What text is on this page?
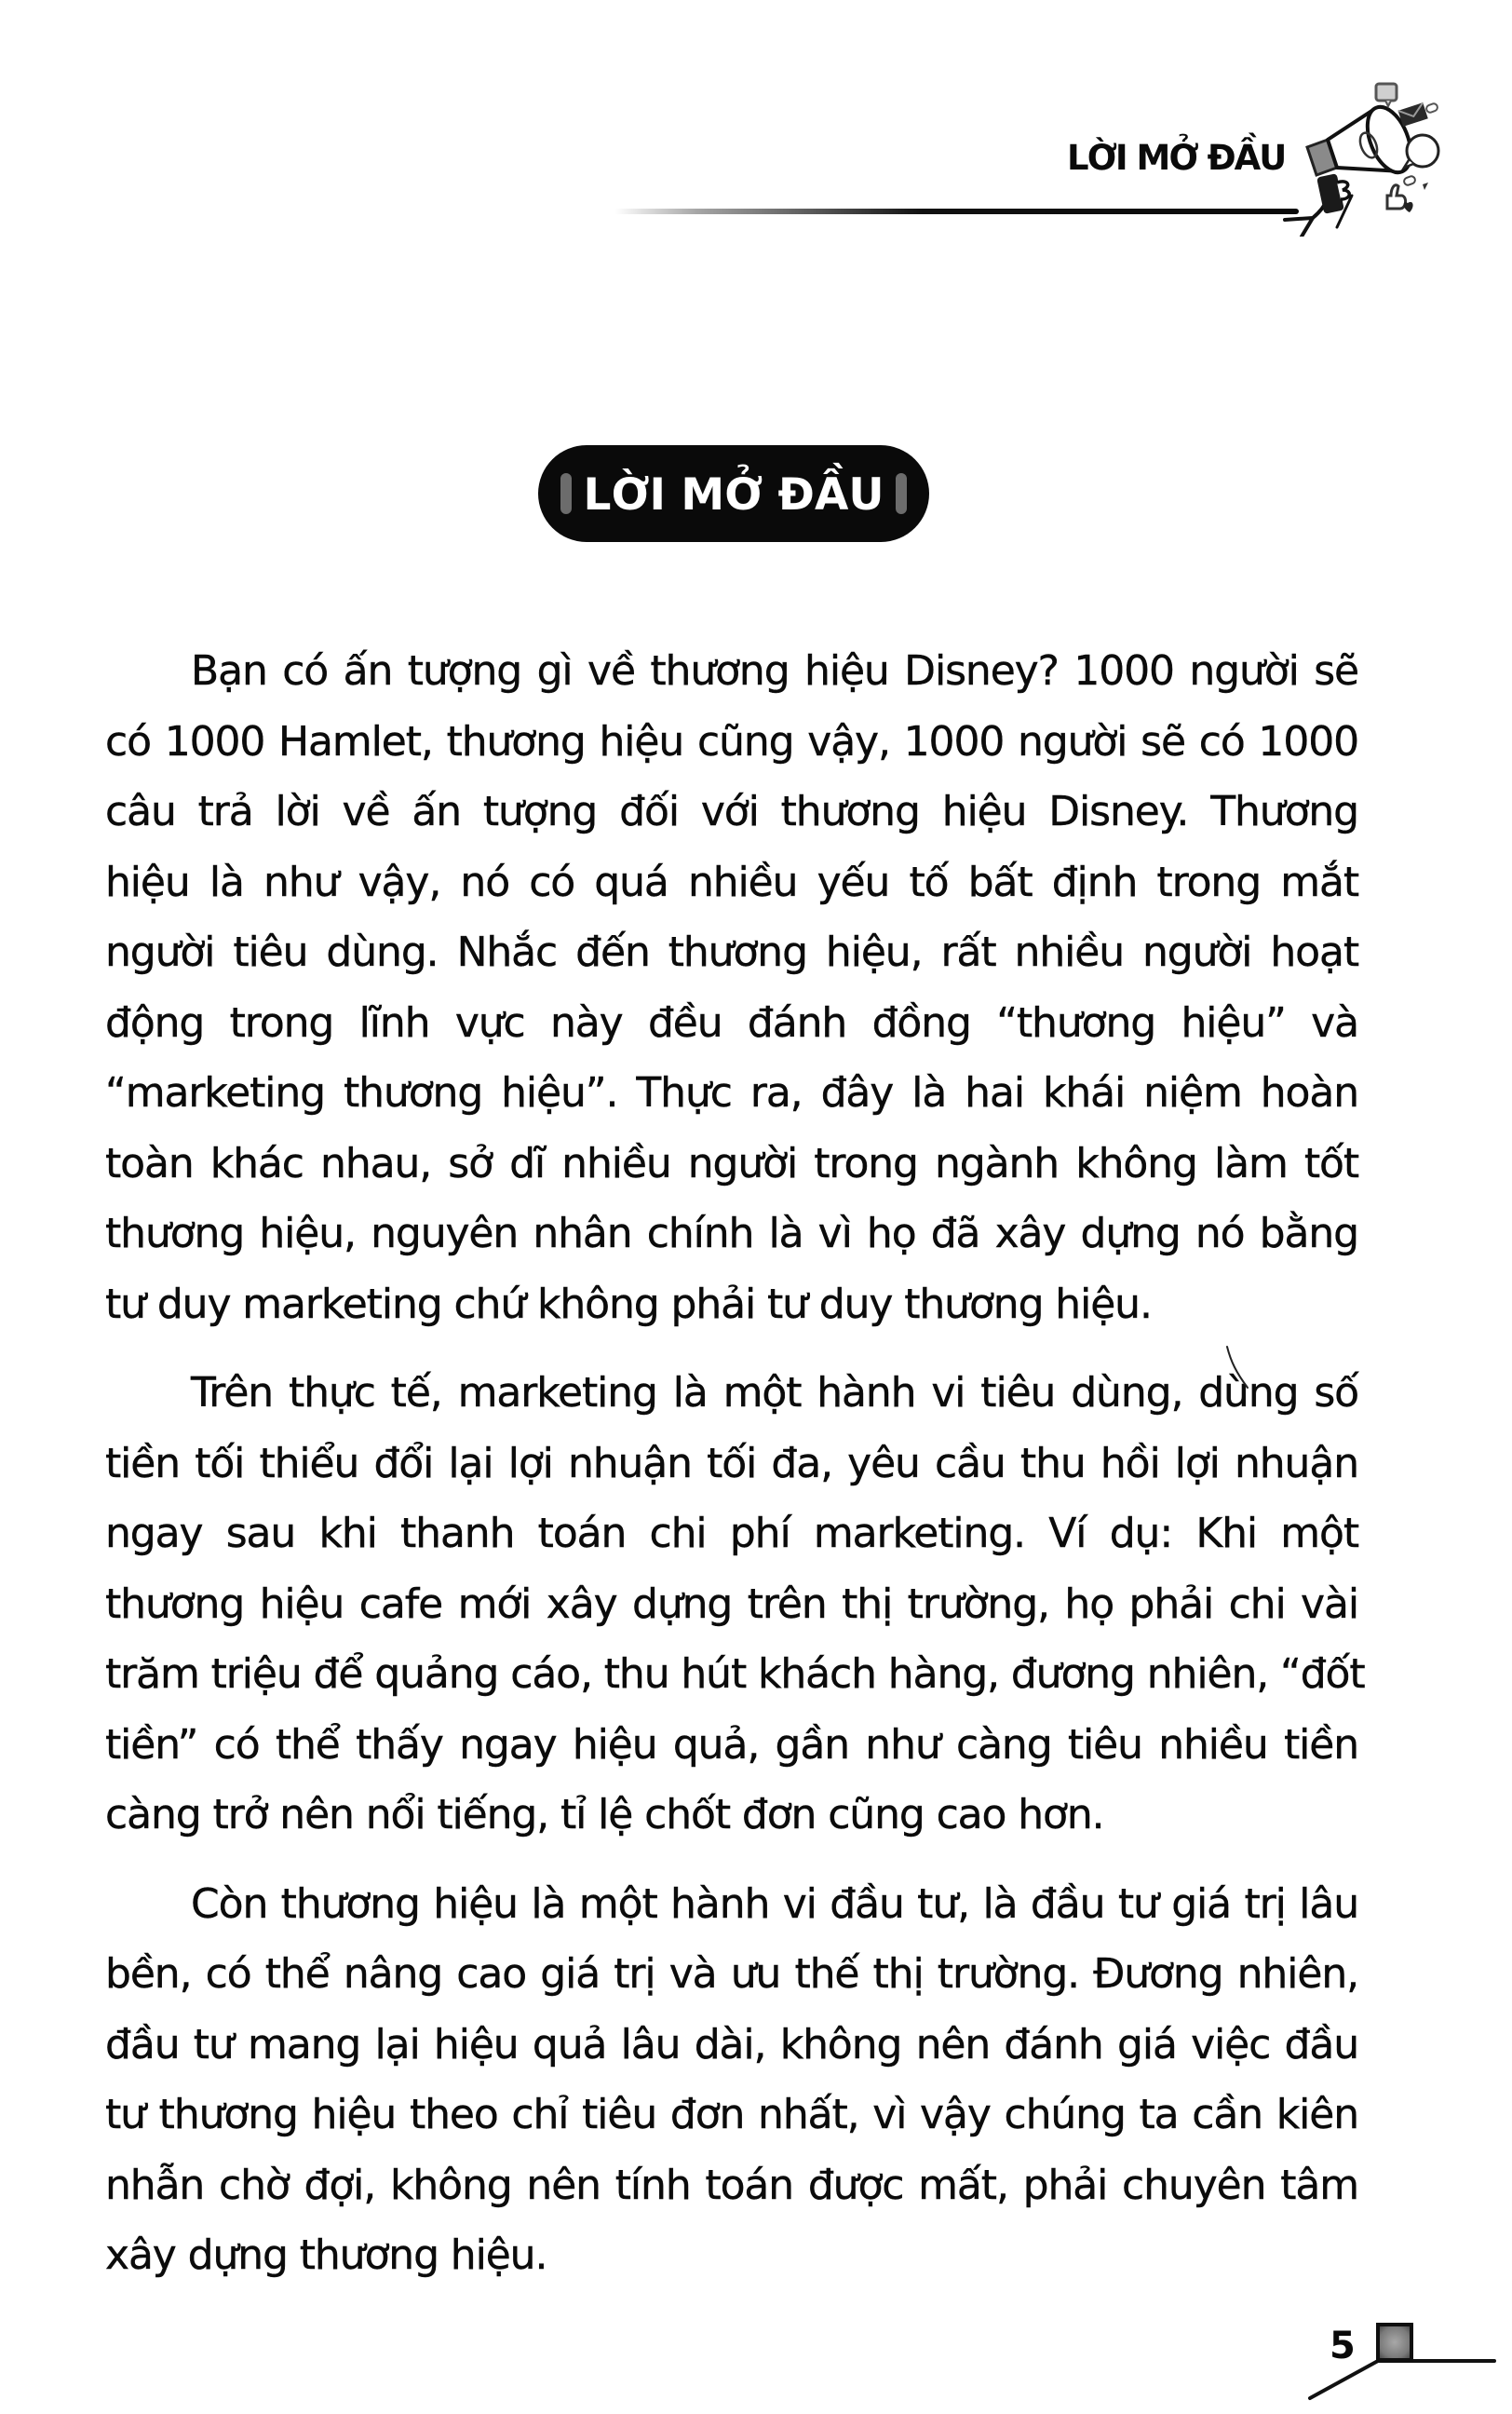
LỜI MỞ ĐẦU
LỜI MỞ ĐẦU

Bạn có ấn tượng gì về thương hiệu Disney? 1000 người sẽ
có 1000 Hamlet, thương hiệu cũng vậy, 1000 người sẽ có 1000
câu trả lời về ấn tượng đối với thương hiệu Disney. Thương
hiệu là như vậy, nó có quá nhiều yếu tố bất định trong mắt
người tiêu dùng. Nhắc đến thương hiệu, rất nhiều người hoạt
động trong lĩnh vực này đều đánh đồng “thương hiệu” và
“marketing thương hiệu”. Thực ra, đây là hai khái niệm hoàn
toàn khác nhau, sở dĩ nhiều người trong ngành không làm tốt
thương hiệu, nguyên nhân chính là vì họ đã xây dựng nó bằng
tư duy marketing chứ không phải tư duy thương hiệu.

Trên thực tế, marketing là một hành vi tiêu dùng, dùng số
tiền tối thiểu đổi lại lợi nhuận tối đa, yêu cầu thu hồi lợi nhuận
ngay sau khi thanh toán chi phí marketing. Ví dụ: Khi một
thương hiệu cafe mới xây dựng trên thị trường, họ phải chi vài
trăm triệu để quảng cáo, thu hút khách hàng, đương nhiên, “đốt
tiền” có thể thấy ngay hiệu quả, gần như càng tiêu nhiều tiền
càng trở nên nổi tiếng, tỉ lệ chốt đơn cũng cao hơn.

Còn thương hiệu là một hành vi đầu tư, là đầu tư giá trị lâu
bền, có thể nâng cao giá trị và ưu thế thị trường. Đương nhiên,
đầu tư mang lại hiệu quả lâu dài, không nên đánh giá việc đầu
tư thương hiệu theo chỉ tiêu đơn nhất, vì vậy chúng ta cần kiên
nhẫn chờ đợi, không nên tính toán được mất, phải chuyên tâm
xây dựng thương hiệu.

5
